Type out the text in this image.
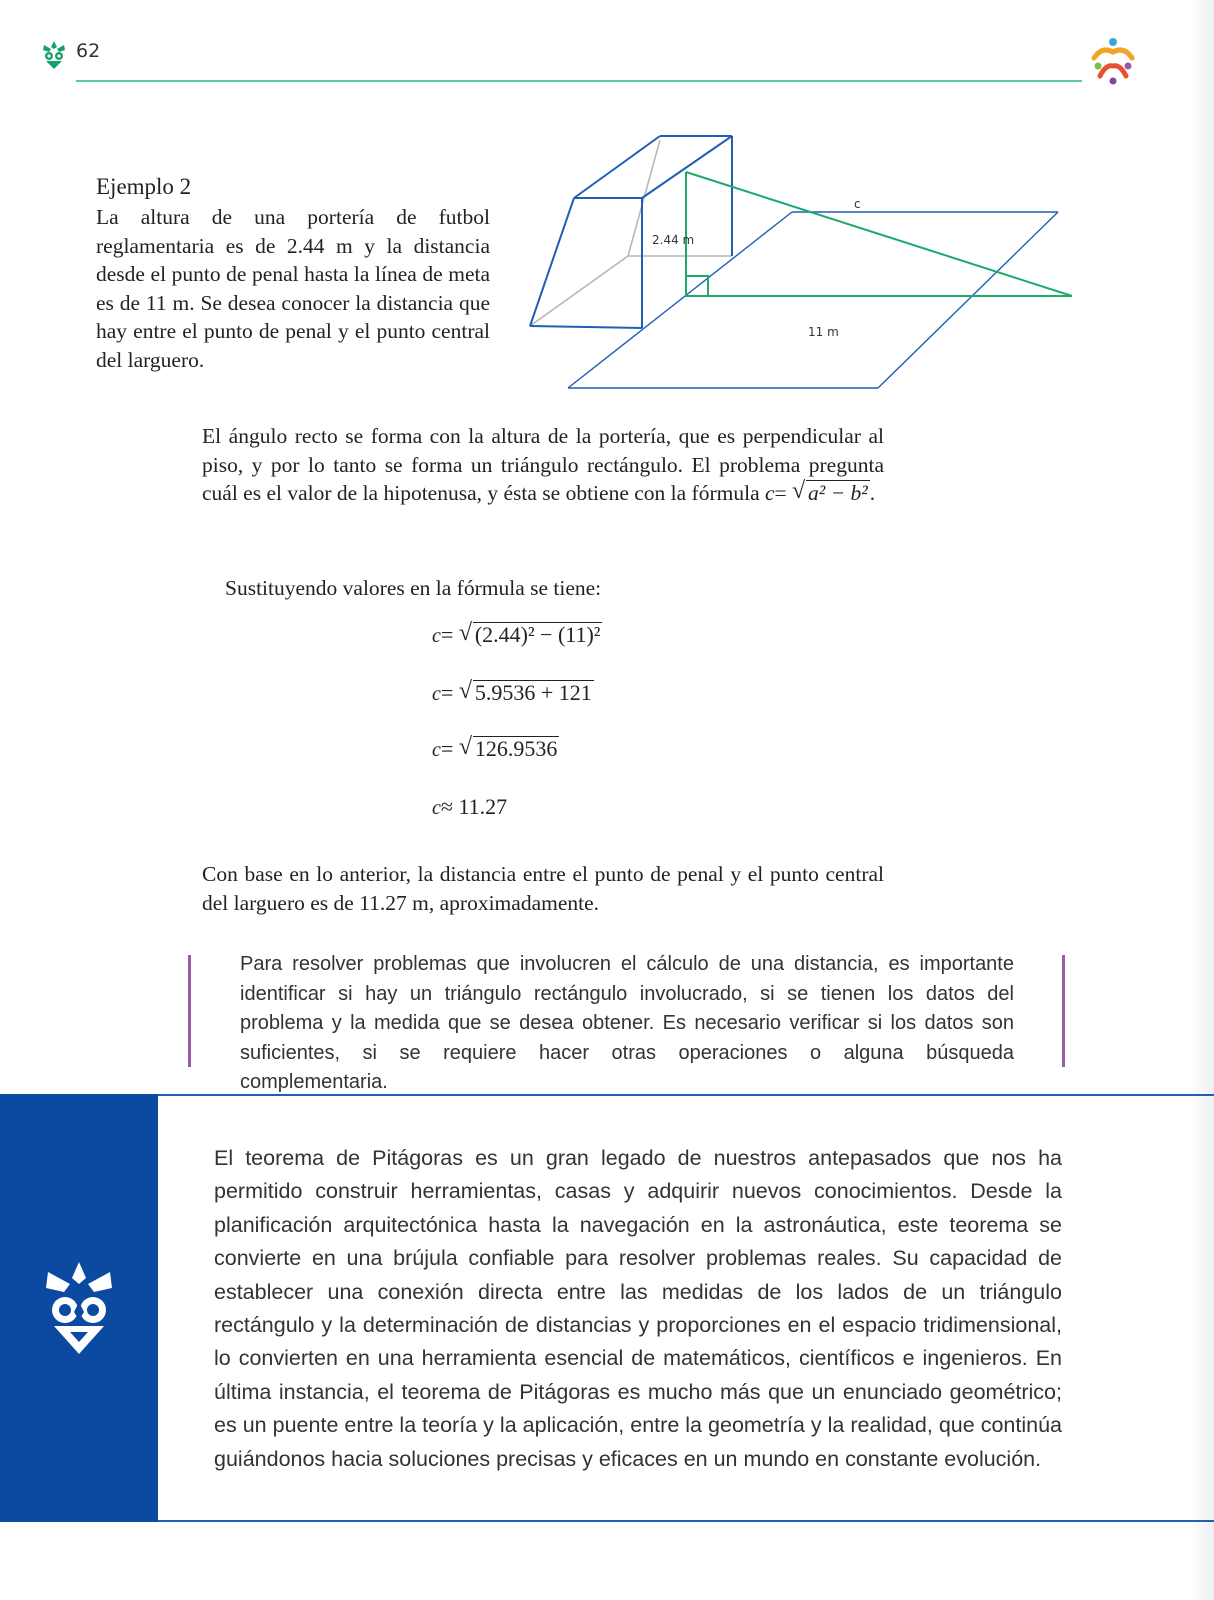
62
Ejemplo 2
La altura de una portería de futbol reglamentaria es de 2.44 m y la distancia desde el punto de penal hasta la línea de meta es de 11 m. Se desea conocer la distancia que hay entre el punto de penal y el punto central del larguero.
2.44 m
c
11 m
El ángulo recto se forma con la altura de la portería, que es perpendicular al piso, y por lo tanto se forma un triángulo rectángulo. El problema pregunta cuál es el valor de la hipotenusa, y ésta se obtiene con la fórmula c= √ a² − b².
Sustituyendo valores en la fórmula se tiene:
c= √ (2.44)² − (11)²
c= √ 5.9536 + 121
c= √ 126.9536
c≈ 11.27
Con base en lo anterior, la distancia entre el punto de penal y el punto central del larguero es de 11.27 m, aproximadamente.
Para resolver problemas que involucren el cálculo de una distancia, es importante identificar si hay un triángulo rectángulo involucrado, si se tienen los datos del problema y la medida que se desea obtener. Es necesario verificar si los datos son suficientes, si se requiere hacer otras operaciones o alguna búsqueda complementaria.
El teorema de Pitágoras es un gran legado de nuestros antepasados que nos ha permitido construir herramientas, casas y adquirir nuevos conocimientos. Desde la planificación arquitectónica hasta la navegación en la astronáutica, este teorema se convierte en una brújula confiable para resolver problemas reales. Su capacidad de establecer una conexión directa entre las medidas de los lados de un triángulo rectángulo y la determinación de distancias y proporciones en el espacio tridimensional, lo convierten en una herramienta esencial de matemáticos, científicos e ingenieros. En última instancia, el teorema de Pitágoras es mucho más que un enunciado geométrico; es un puente entre la teoría y la aplicación, entre la geometría y la realidad, que continúa guiándonos hacia soluciones precisas y eficaces en un mundo en constante evolución.
